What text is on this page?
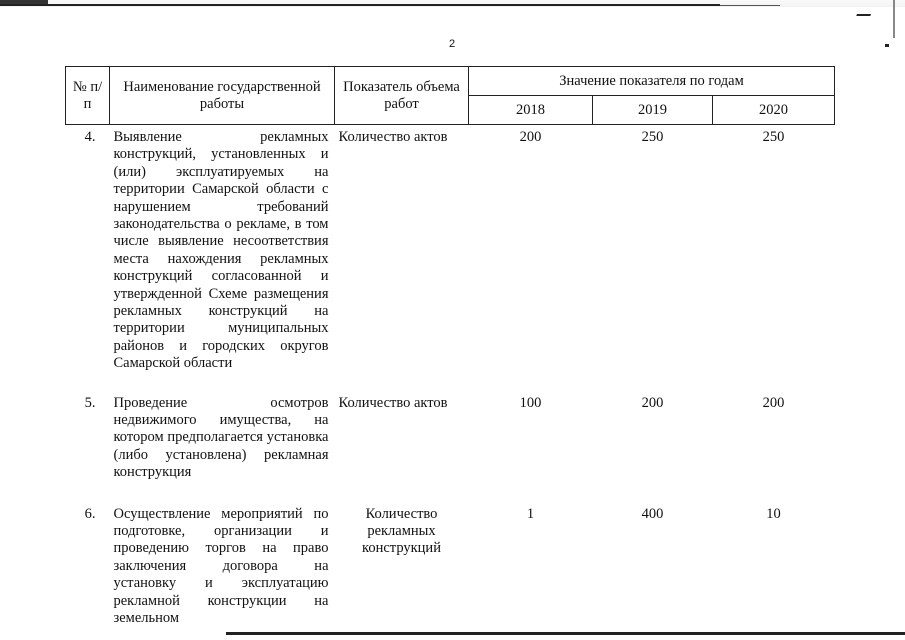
2
№ п/п	Наименование государственной работы	Показатель объема работ	Значение показателя по годам		
			2018	2019	2020
4.	Выявление рекламных конструкций, установленных и (или) эксплуатируемых на территории Самарской области с нарушением требований законодательства о рекламе, в том числе выявление несоответствия места нахождения рекламных конструкций согласованной и утвержденной Схеме размещения рекламных конструкций на территории муниципальных районов и городских округов Самарской области	Количество актов	200	250	250
5.	Проведение осмотров недвижимого имущества, на котором предполагается установка (либо установлена) рекламная конструкция	Количество актов	100	200	200
6.	Осуществление мероприятий по подготовке, организации и проведению торгов на право заключения договора на установку и эксплуатацию рекламной конструкции на земельном	Количество рекламных конструкций	1	400	10
